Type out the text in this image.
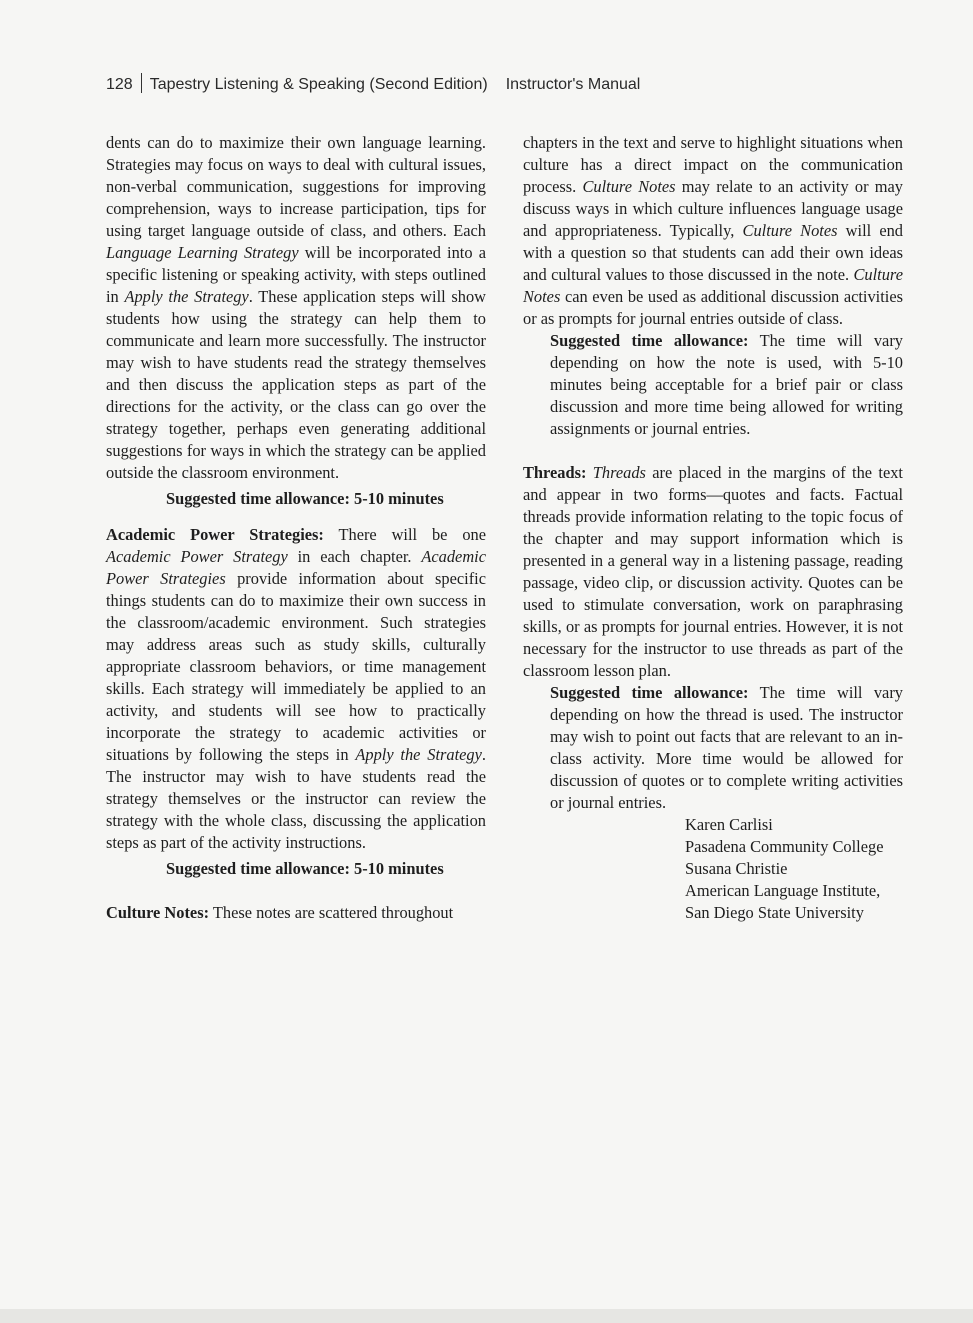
128 Tapestry Listening & Speaking (Second Edition) Instructor's Manual

dents can do to maximize their own language learning. Strategies may focus on ways to deal with cultural issues, non-verbal communication, suggestions for improving comprehension, ways to increase participation, tips for using target language outside of class, and others. Each Language Learning Strategy will be incorporated into a specific listening or speaking activity, with steps outlined in Apply the Strategy. These application steps will show students how using the strategy can help them to communicate and learn more successfully. The instructor may wish to have students read the strategy themselves and then discuss the application steps as part of the directions for the activity, or the class can go over the strategy together, perhaps even generating additional suggestions for ways in which the strategy can be applied outside the classroom environment.

Suggested time allowance: 5-10 minutes

Academic Power Strategies: There will be one Academic Power Strategy in each chapter. Academic Power Strategies provide information about specific things students can do to maximize their own success in the classroom/academic environment. Such strategies may address areas such as study skills, culturally appropriate classroom behaviors, or time management skills. Each strategy will immediately be applied to an activity, and students will see how to practically incorporate the strategy to academic activities or situations by following the steps in Apply the Strategy. The instructor may wish to have students read the strategy themselves or the instructor can review the strategy with the whole class, discussing the application steps as part of the activity instructions.

Suggested time allowance: 5-10 minutes

Culture Notes: These notes are scattered throughout

chapters in the text and serve to highlight situations when culture has a direct impact on the communication process. Culture Notes may relate to an activity or may discuss ways in which culture influences language usage and appropriateness. Typically, Culture Notes will end with a question so that students can add their own ideas and cultural values to those discussed in the note. Culture Notes can even be used as additional discussion activities or as prompts for journal entries outside of class.

Suggested time allowance: The time will vary depending on how the note is used, with 5-10 minutes being acceptable for a brief pair or class discussion and more time being allowed for writing assignments or journal entries.

Threads: Threads are placed in the margins of the text and appear in two forms—quotes and facts. Factual threads provide information relating to the topic focus of the chapter and may support information which is presented in a general way in a listening passage, reading passage, video clip, or discussion activity. Quotes can be used to stimulate conversation, work on paraphrasing skills, or as prompts for journal entries. However, it is not necessary for the instructor to use threads as part of the classroom lesson plan.

Suggested time allowance: The time will vary depending on how the thread is used. The instructor may wish to point out facts that are relevant to an in-class activity. More time would be allowed for discussion of quotes or to complete writing activities or journal entries.

Karen Carlisi
Pasadena Community College
Susana Christie
American Language Institute,
San Diego State University
